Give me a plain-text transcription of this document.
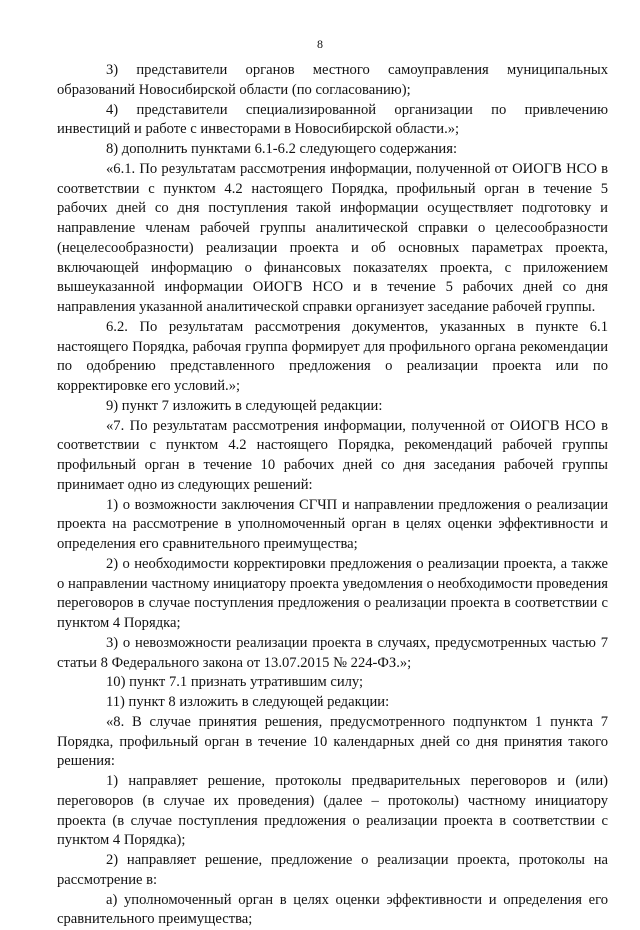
8

3) представители органов местного самоуправления муниципальных образований Новосибирской области (по согласованию);

4) представители специализированной организации по привлечению инвестиций и работе с инвесторами в Новосибирской области.»;

8) дополнить пунктами 6.1-6.2 следующего содержания:

«6.1. По результатам рассмотрения информации, полученной от ОИОГВ НСО в соответствии с пунктом 4.2 настоящего Порядка, профильный орган в течение 5 рабочих дней со дня поступления такой информации осуществляет подготовку и направление членам рабочей группы аналитической справки о целесообразности (нецелесообразности) реализации проекта и об основных параметрах проекта, включающей информацию о финансовых показателях проекта, с приложением вышеуказанной информации ОИОГВ НСО и в течение 5 рабочих дней со дня направления указанной аналитической справки организует заседание рабочей группы.

6.2. По результатам рассмотрения документов, указанных в пункте 6.1 настоящего Порядка, рабочая группа формирует для профильного органа рекомендации по одобрению представленного предложения о реализации проекта или по корректировке его условий.»;

9) пункт 7 изложить в следующей редакции:

«7. По результатам рассмотрения информации, полученной от ОИОГВ НСО в соответствии с пунктом 4.2 настоящего Порядка, рекомендаций рабочей группы профильный орган в течение 10 рабочих дней со дня заседания рабочей группы принимает одно из следующих решений:

1) о возможности заключения СГЧП и направлении предложения о реализации проекта на рассмотрение в уполномоченный орган в целях оценки эффективности и определения его сравнительного преимущества;

2) о необходимости корректировки предложения о реализации проекта, а также о направлении частному инициатору проекта уведомления о необходимости проведения переговоров в случае поступления предложения о реализации проекта в соответствии с пунктом 4 Порядка;

3) о невозможности реализации проекта в случаях, предусмотренных частью 7 статьи 8 Федерального закона от 13.07.2015 № 224-ФЗ.»;

10) пункт 7.1 признать утратившим силу;

11) пункт 8 изложить в следующей редакции:

«8. В случае принятия решения, предусмотренного подпунктом 1 пункта 7 Порядка, профильный орган в течение 10 календарных дней со дня принятия такого решения:

1) направляет решение, протоколы предварительных переговоров и (или) переговоров (в случае их проведения) (далее – протоколы) частному инициатору проекта (в случае поступления предложения о реализации проекта в соответствии с пунктом 4 Порядка);

2) направляет решение, предложение о реализации проекта, протоколы на рассмотрение в:

а) уполномоченный орган в целях оценки эффективности и определения его сравнительного преимущества;
